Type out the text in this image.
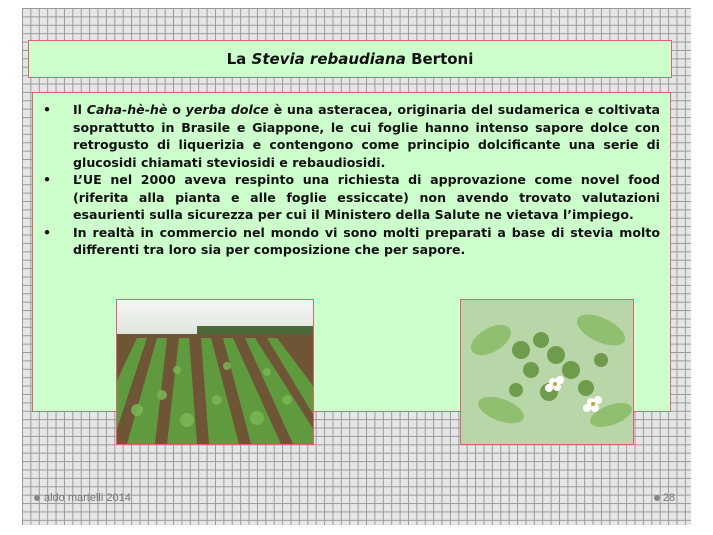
La Stevia rebaudiana Bertoni
• Il Caha-hè-hè o yerba dolce è una asteracea, originaria del sudamerica e coltivata soprattutto in Brasile e Giappone, le cui foglie hanno intenso sapore dolce con retrogusto di liquerizia e contengono come principio dolcificante una serie di glucosidi chiamati steviosidi e rebaudiosidi.
• L’UE nel 2000 aveva respinto una richiesta di approvazione come novel food (riferita alla pianta e alle foglie essiccate) non avendo trovato valutazioni esaurienti sulla sicurezza per cui il Ministero della Salute ne vietava l’impiego.
• In realtà in commercio nel mondo vi sono molti preparati a base di stevia molto differenti tra loro sia per composizione che per sapore.
aldo martelli 2014	28
